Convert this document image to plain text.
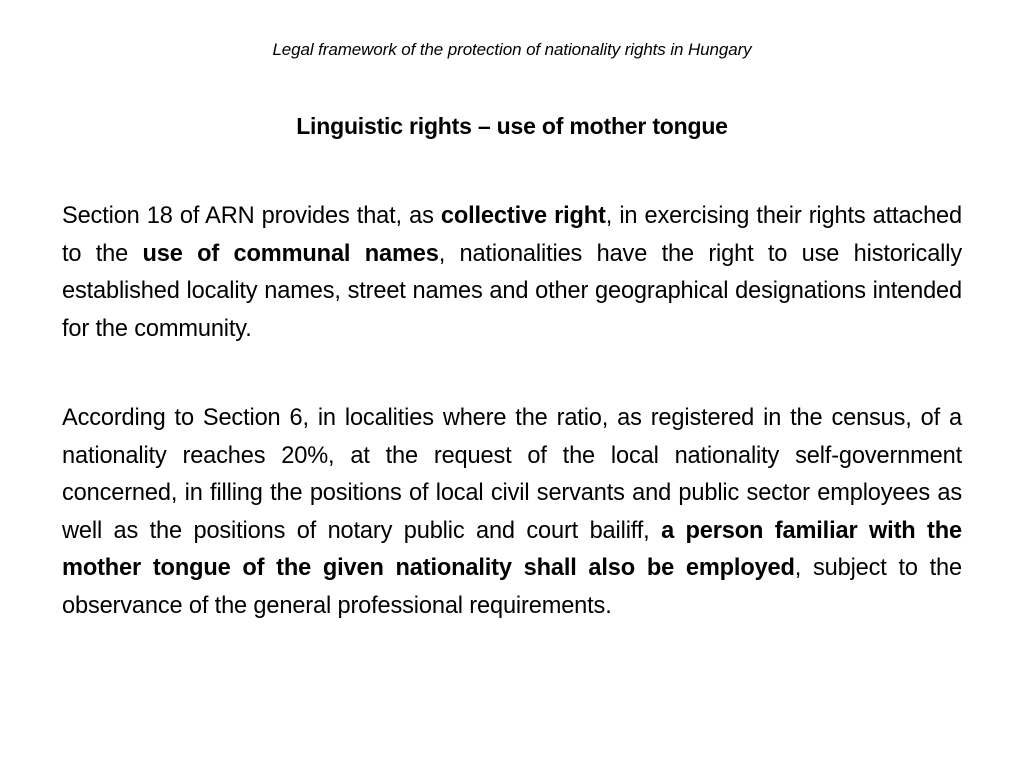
Legal framework of the protection of nationality rights in Hungary
Linguistic rights – use of mother tongue
Section 18 of ARN provides that, as collective right, in exercising their rights attached to the use of communal names, nationalities have the right to use historically established locality names, street names and other geographical designations intended for the community.
According to Section 6, in localities where the ratio, as registered in the census, of a nationality reaches 20%, at the request of the local nationality self-government concerned, in filling the positions of local civil servants and public sector employees as well as the positions of notary public and court bailiff, a person familiar with the mother tongue of the given nationality shall also be employed, subject to the observance of the general professional requirements.
